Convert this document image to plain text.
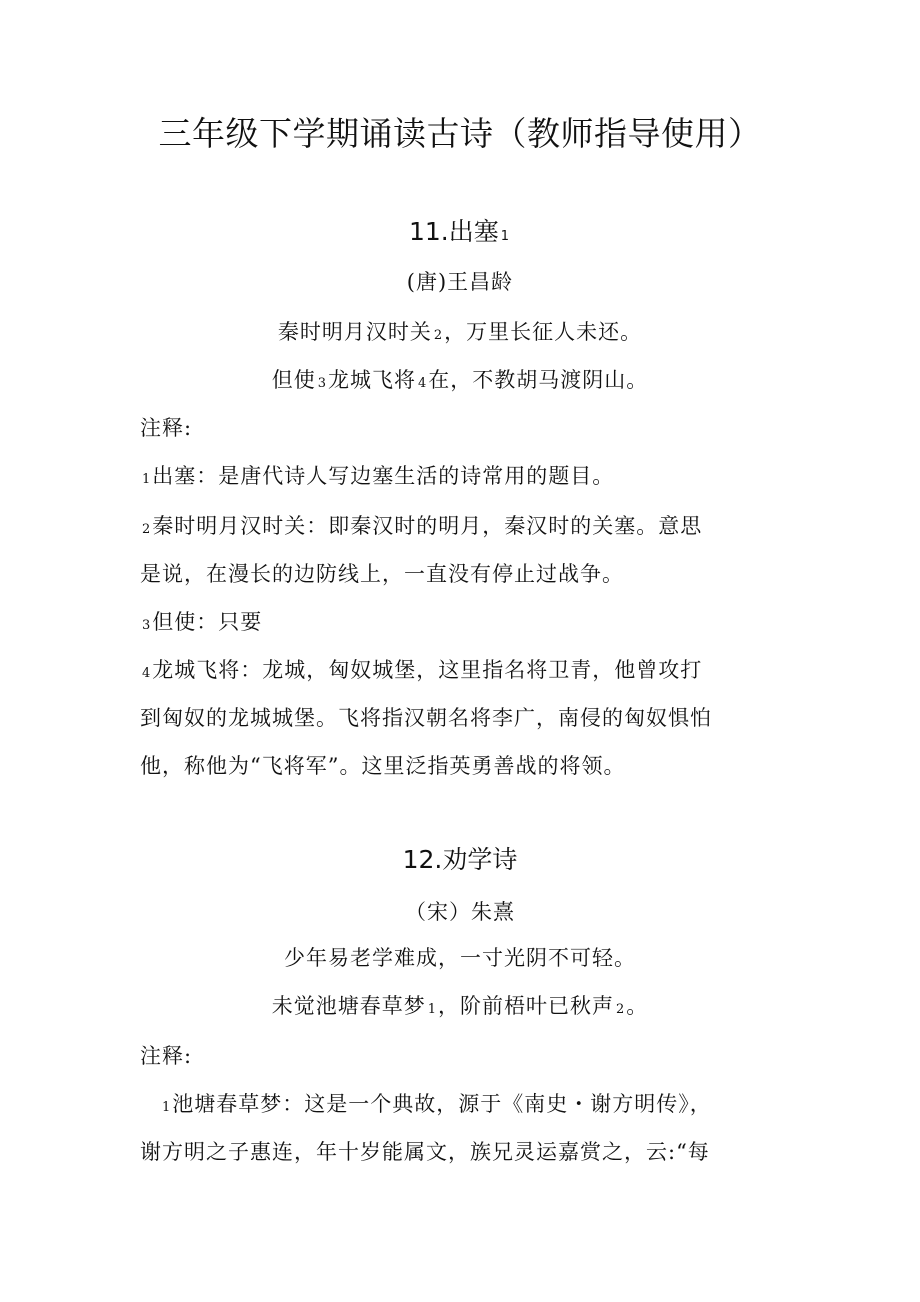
三年级下学期诵读古诗（教师指导使用）
11.出塞 1
(唐)王昌龄
秦时明月汉时关 2，万里长征人未还。
但使 3龙城飞将 4在，不教胡马渡阴山。
注释:
1出塞：是唐代诗人写边塞生活的诗常用的题目。
2秦时明月汉时关：即秦汉时的明月，秦汉时的关塞。意思
是说，在漫长的边防线上，一直没有停止过战争。
3但使：只要
4龙城飞将：龙城，匈奴城堡，这里指名将卫青，他曾攻打
到匈奴的龙城城堡。飞将指汉朝名将李广，南侵的匈奴惧怕
他，称他为“飞将军”。这里泛指英勇善战的将领。
12.劝学诗
（宋）朱熹
少年易老学难成，一寸光阴不可轻。
未觉池塘春草梦 1，阶前梧叶已秋声 2。
注释:
1池塘春草梦：这是一个典故，源于《南史・谢方明传》，
谢方明之子惠连，年十岁能属文，族兄灵运嘉赏之，云:“每
